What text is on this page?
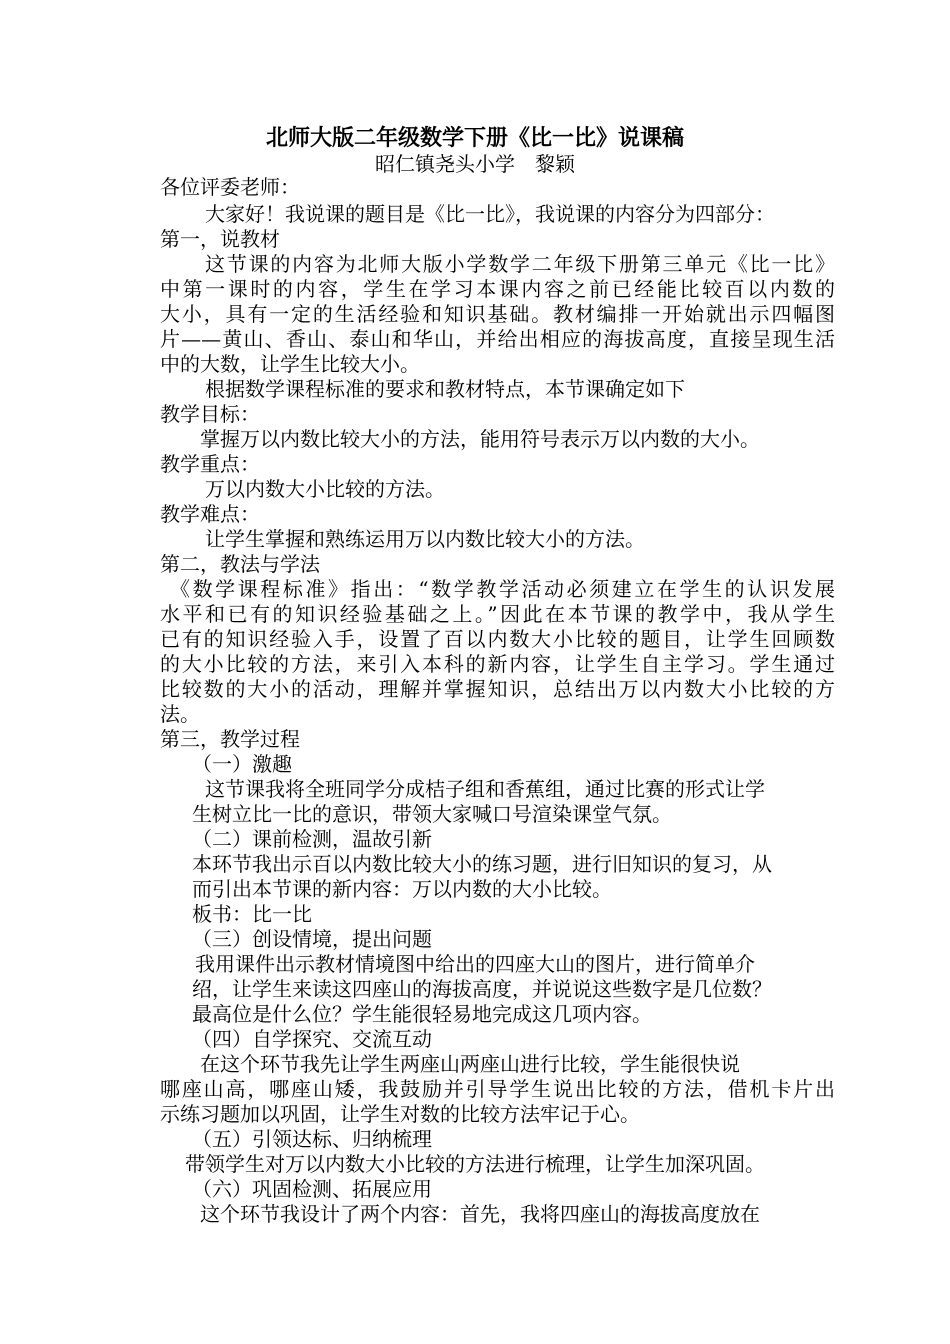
北师大版二年级数学下册《比一比》说课稿
昭仁镇尧头小学　黎颖
各位评委老师：
大家好！我说课的题目是《比一比》，我说课的内容分为四部分：
第一，说教材
这节课的内容为北师大版小学数学二年级下册第三单元《比一比》
中第一课时的内容，学生在学习本课内容之前已经能比较百以内数的
大小，具有一定的生活经验和知识基础。教材编排一开始就出示四幅图
片——黄山、香山、泰山和华山，并给出相应的海拔高度，直接呈现生活
中的大数，让学生比较大小。
根据数学课程标准的要求和教材特点，本节课确定如下
教学目标：
掌握万以内数比较大小的方法，能用符号表示万以内数的大小。
教学重点：
万以内数大小比较的方法。
教学难点：
让学生掌握和熟练运用万以内数比较大小的方法。
第二，教法与学法
《数学课程标准》指出：“数学教学活动必须建立在学生的认识发展
水平和已有的知识经验基础之上。”因此在本节课的教学中，我从学生
已有的知识经验入手，设置了百以内数大小比较的题目，让学生回顾数
的大小比较的方法，来引入本科的新内容，让学生自主学习。学生通过
比较数的大小的活动，理解并掌握知识，总结出万以内数大小比较的方
法。
第三，教学过程
（一）激趣
这节课我将全班同学分成桔子组和香蕉组，通过比赛的形式让学
生树立比一比的意识，带领大家喊口号渲染课堂气氛。
（二）课前检测，温故引新
本环节我出示百以内数比较大小的练习题，进行旧知识的复习，从
而引出本节课的新内容：万以内数的大小比较。
板书：比一比
（三）创设情境，提出问题
我用课件出示教材情境图中给出的四座大山的图片，进行简单介
绍，让学生来读这四座山的海拔高度，并说说这些数字是几位数？
最高位是什么位？学生能很轻易地完成这几项内容。
（四）自学探究、交流互动
在这个环节我先让学生两座山两座山进行比较，学生能很快说
哪座山高，哪座山矮，我鼓励并引导学生说出比较的方法，借机卡片出
示练习题加以巩固，让学生对数的比较方法牢记于心。
（五）引领达标、归纳梳理
带领学生对万以内数大小比较的方法进行梳理，让学生加深巩固。
（六）巩固检测、拓展应用
这个环节我设计了两个内容：首先，我将四座山的海拔高度放在
